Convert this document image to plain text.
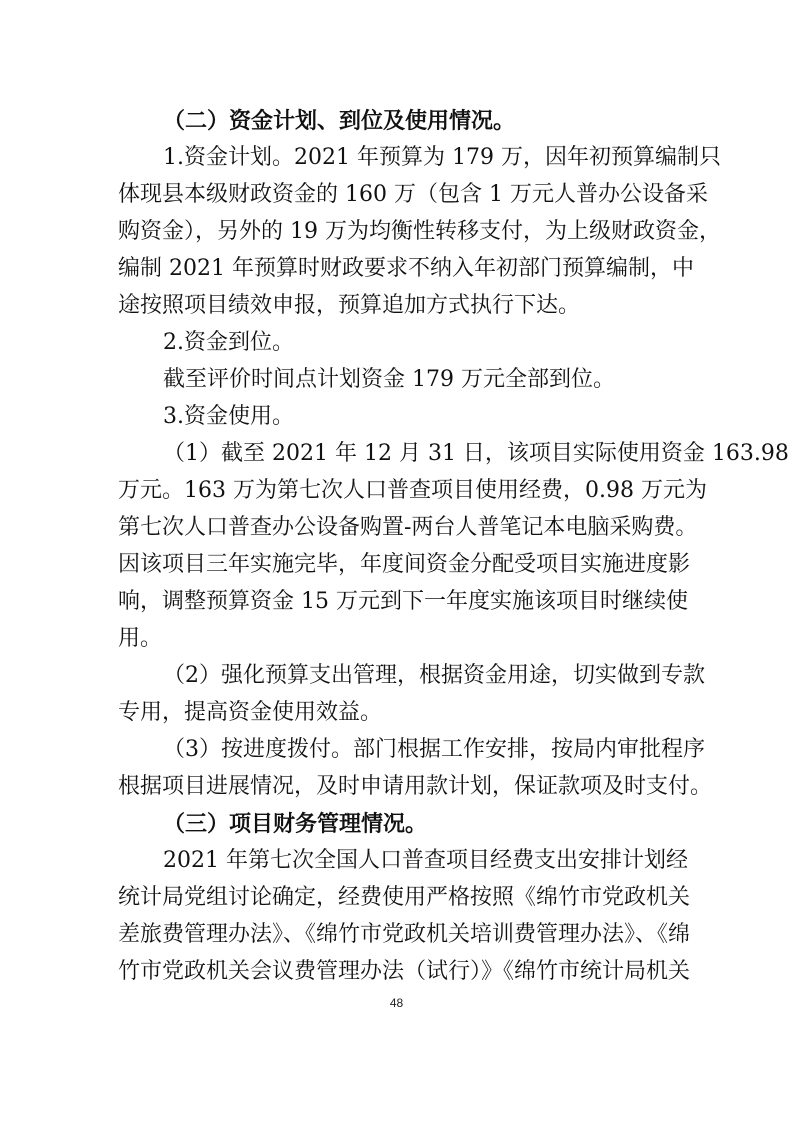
（二）资金计划、到位及使用情况。
1.资金计划。2021 年预算为 179 万，因年初预算编制只
体现县本级财政资金的 160 万（包含 1 万元人普办公设备采
购资金），另外的 19 万为均衡性转移支付，为上级财政资金，
编制 2021 年预算时财政要求不纳入年初部门预算编制，中
途按照项目绩效申报，预算追加方式执行下达。
2.资金到位。
截至评价时间点计划资金 179 万元全部到位。
3.资金使用。
（1）截至 2021 年 12 月 31 日，该项目实际使用资金 163.98
万元。163 万为第七次人口普查项目使用经费，0.98 万元为
第七次人口普查办公设备购置-两台人普笔记本电脑采购费。
因该项目三年实施完毕，年度间资金分配受项目实施进度影
响，调整预算资金 15 万元到下一年度实施该项目时继续使
用。
（2）强化预算支出管理，根据资金用途，切实做到专款
专用，提高资金使用效益。
（3）按进度拨付。部门根据工作安排，按局内审批程序
根据项目进展情况，及时申请用款计划，保证款项及时支付。
（三）项目财务管理情况。
2021 年第七次全国人口普查项目经费支出安排计划经
统计局党组讨论确定，经费使用严格按照《绵竹市党政机关
差旅费管理办法》、《绵竹市党政机关培训费管理办法》、《绵
竹市党政机关会议费管理办法（试行）》《绵竹市统计局机关
48
